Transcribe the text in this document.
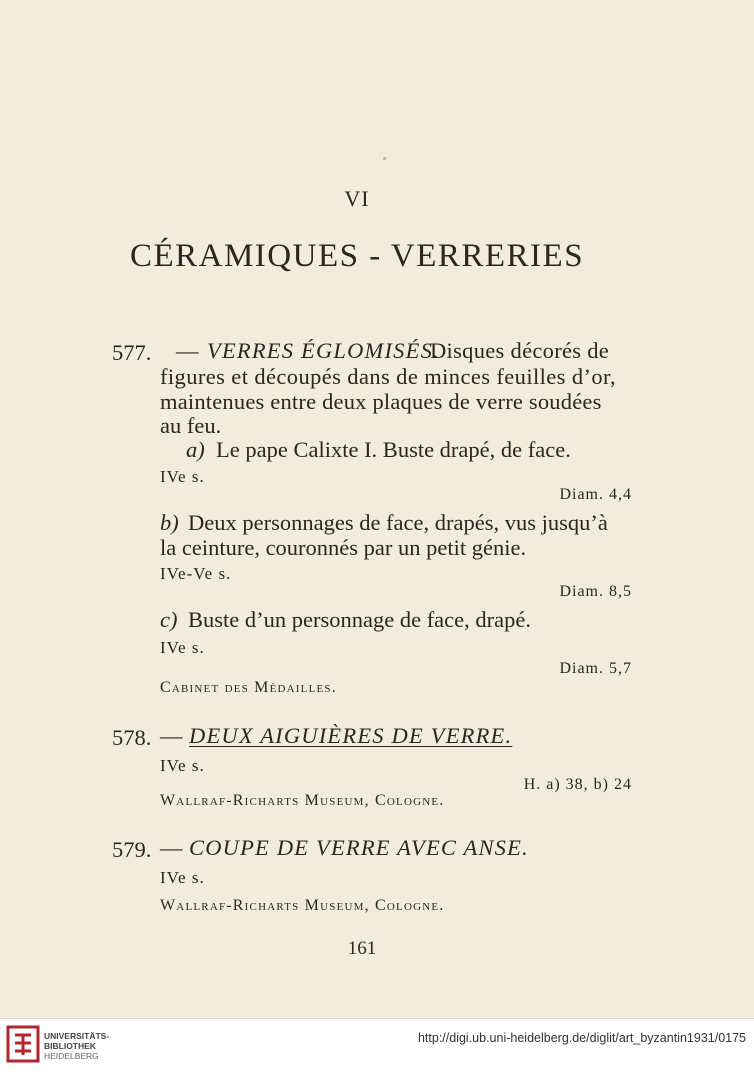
VI
CÉRAMIQUES - VERRERIES
577. — VERRES ÉGLOMISÉS.
Disques décorés de
figures et découpés dans de minces feuilles d’or,
maintenues entre deux plaques de verre soudées
au feu.
a) Le pape Calixte I. Buste drapé, de face.
IVe s.
Diam. 4,4
b) Deux personnages de face, drapés, vus jusqu’à
la ceinture, couronnés par un petit génie.
IVe-Ve s.
Diam. 8,5
c) Buste d’un personnage de face, drapé.
IVe s.
Diam. 5,7
Cabinet des Médailles.
578. — DEUX AIGUIÈRES DE VERRE.
IVe s.
H. a) 38, b) 24
Wallraf-Richarts Museum, Cologne.
579. — COUPE DE VERRE AVEC ANSE.
IVe s.
Wallraf-Richarts Museum, Cologne.
161
UNIVERSITÄTS-
BIBLIOTHEK
HEIDELBERG
http://digi.ub.uni-heidelberg.de/diglit/art_byzantin1931/0175
